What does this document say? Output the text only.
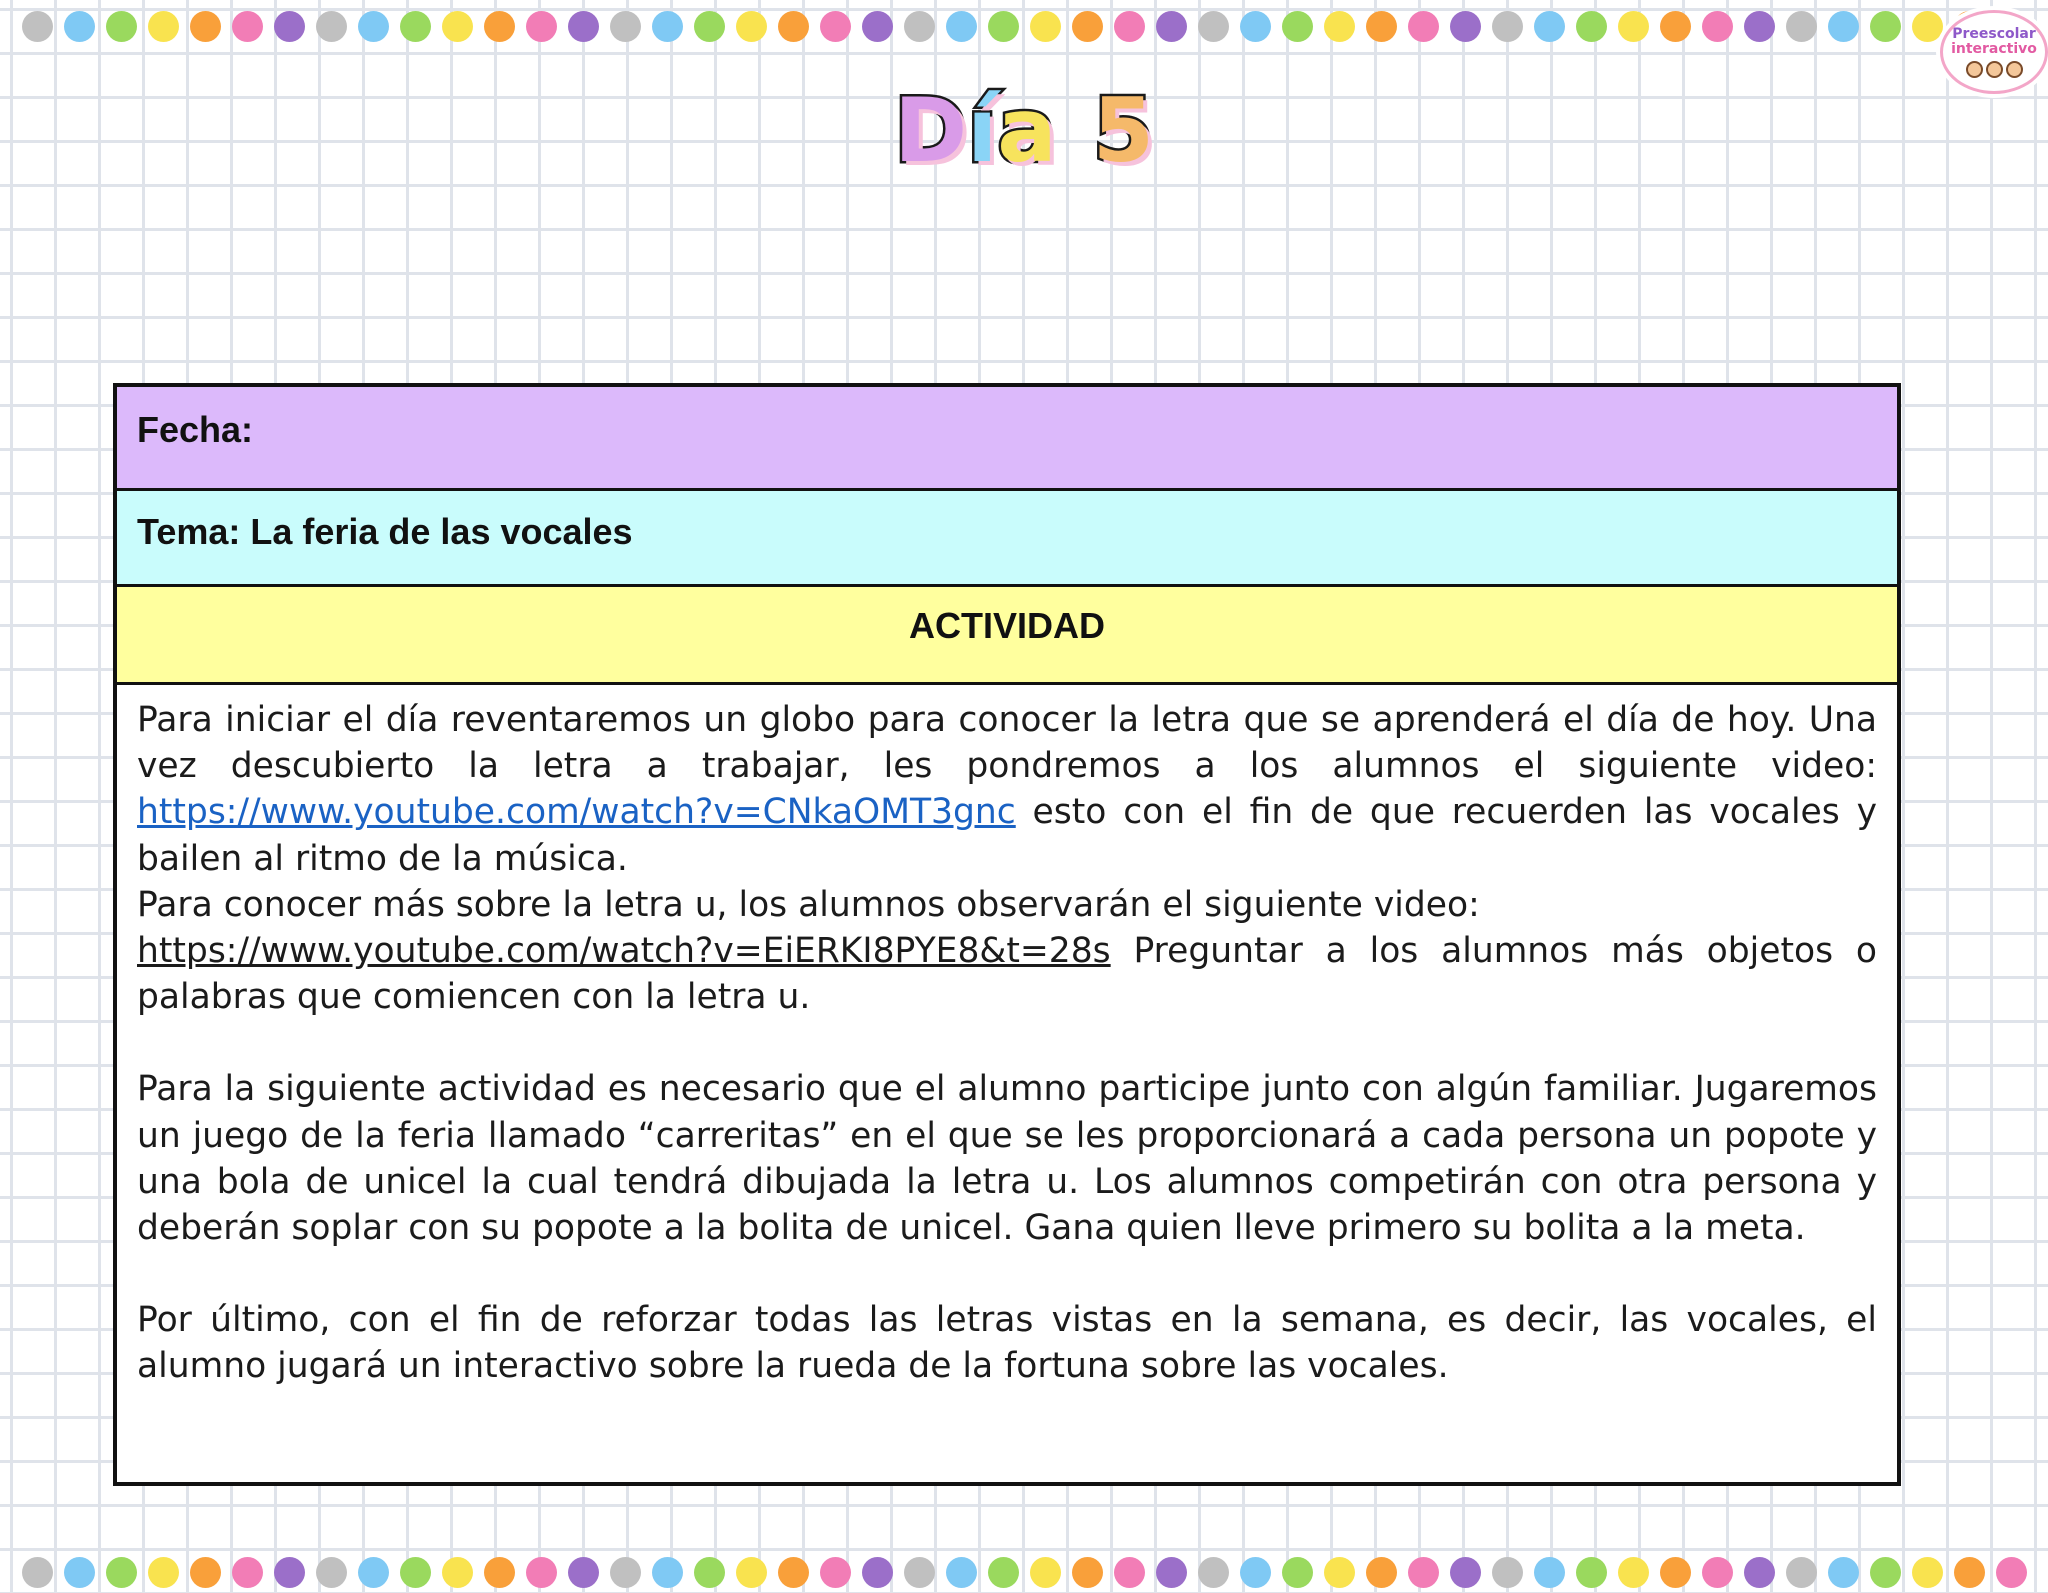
Preescolar
interactivo
D í a 5
Fecha:
Tema: La feria de las vocales
ACTIVIDAD

Para iniciar el día reventaremos un globo para conocer la letra que se aprenderá el día de hoy. Una vez descubierto la letra a trabajar, les pondremos a los alumnos el siguiente video: https://www.youtube.com/watch?v=CNkaOMT3gnc esto con el fin de que recuerden las vocales y bailen al ritmo de la música.

Para conocer más sobre la letra u, los alumnos observarán el siguiente video:

https://www.youtube.com/watch?v=EiERKI8PYE8&t=28s Preguntar a los alumnos más objetos o palabras que comiencen con la letra u.

Para la siguiente actividad es necesario que el alumno participe junto con algún familiar. Jugaremos un juego de la feria llamado “carreritas” en el que se les proporcionará a cada persona un popote y una bola de unicel la cual tendrá dibujada la letra u. Los alumnos competirán con otra persona y deberán soplar con su popote a la bolita de unicel. Gana quien lleve primero su bolita a la meta.

Por último, con el fin de reforzar todas las letras vistas en la semana, es decir, las vocales, el alumno jugará un interactivo sobre la rueda de la fortuna sobre las vocales.
